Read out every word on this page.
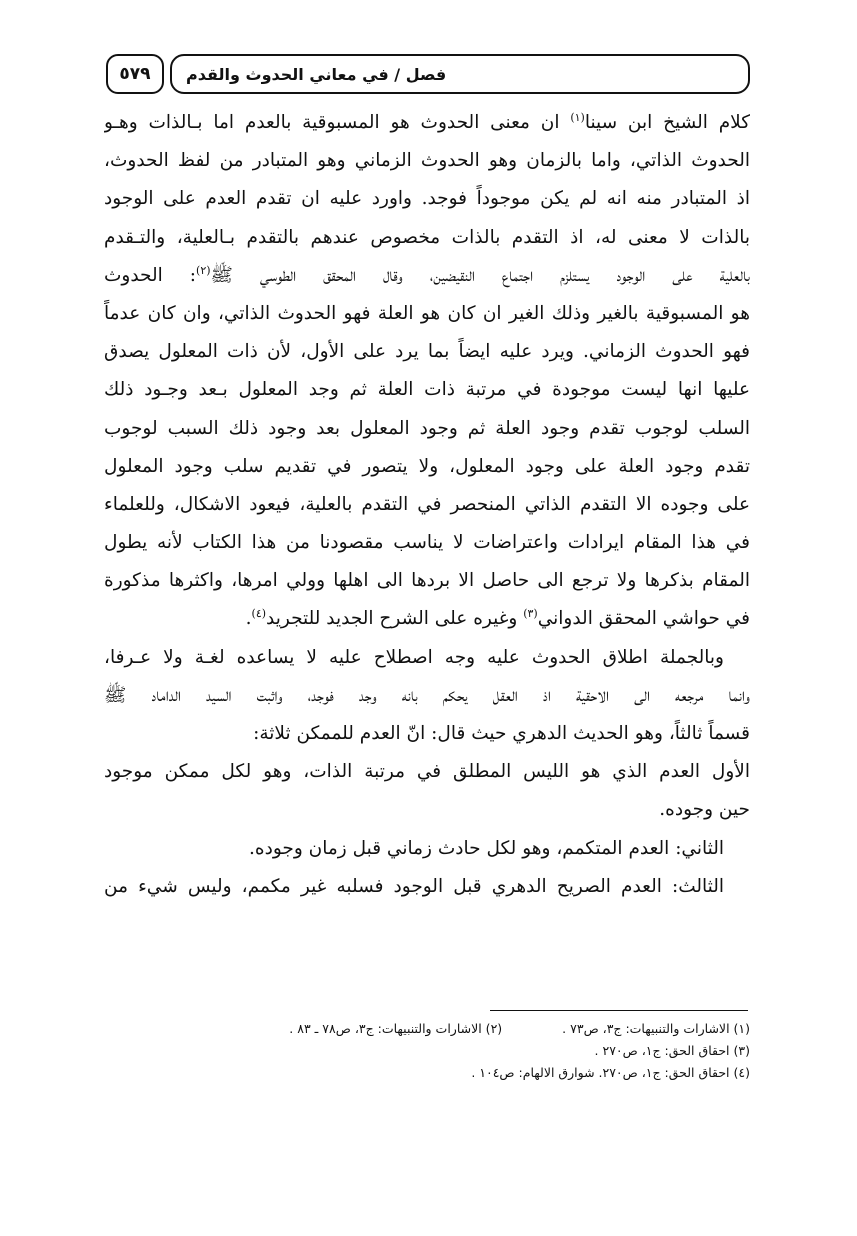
٥٧٩ فصل / في معاني الحدوث والقدم
كلام الشيخ ابن سينا$^{(١)}$ ان معنى الحدوث هو المسبوقية بالعدم اما بـالذات وهـو
الحدوث الذاتي، واما بالزمان وهو الحدوث الزماني وهو المتبادر من لفظ الحدوث،
اذ المتبادر منه انه لم يكن موجوداً فوجد. واورد عليه ان تقدم العدم على الوجود
بالذات لا معنى له، اذ التقدم بالذات مخصوص عندهم بالتقدم بـالعلية، والتـقدم
بالعلية على الوجود يستلزم اجتماع النقيضين، وقال المحقق الطوسي ﷺ$^{(٢)}$: الحدوث
هو المسبوقية بالغير وذلك الغير ان كان هو العلة فهو الحدوث الذاتي، وان كان عدماً
فهو الحدوث الزماني. ويرد عليه ايضاً بما يرد على الأول، لأن ذات المعلول يصدق
عليها انها ليست موجودة في مرتبة ذات العلة ثم وجد المعلول بـعد وجـود ذلك
السلب لوجوب تقدم وجود العلة ثم وجود المعلول بعد وجود ذلك السبب لوجوب
تقدم وجود العلة على وجود المعلول، ولا يتصور في تقديم سلب وجود المعلول
على وجوده الا التقدم الذاتي المنحصر في التقدم بالعلية، فيعود الاشكال، وللعلماء
في هذا المقام ايرادات واعتراضات لا يناسب مقصودنا من هذا الكتاب لأنه يطول
المقام بذكرها ولا ترجع الى حاصل الا بردها الى اهلها وولي امرها، واكثرها مذكورة
في حواشي المحقق الدواني$^{(٣)}$ وغيره على الشرح الجديد للتجريد$^{(٤)}$.
وبالجملة اطلاق الحدوث عليه وجه اصطلاح عليه لا يساعده لغـة ولا عـرفا،
وانما مرجعه الى الاحقية اذ العقل يحكم بانه وجد فوجد، واثبت السيد الداماد ﷺ
قسماً ثالثاً، وهو الحديث الدهري حيث قال: انّ العدم للممكن ثلاثة:
الأول العدم الذي هو الليس المطلق في مرتبة الذات، وهو لكل ممكن موجود
حين وجوده.
الثاني: العدم المتكمم، وهو لكل حادث زماني قبل زمان وجوده.
الثالث: العدم الصريح الدهري قبل الوجود فسلبه غير مكمم، وليس شيء من
(١) الاشارات والتنبيهات: ج٣، ص٧٣ .(٢) الاشارات والتنبيهات: ج٣، ص٧٨ ـ ٨٣ .
(٣) احقاق الحق: ج١، ص٢٧٠ .
(٤) احقاق الحق: ج١، ص٢٧٠. شوارق الالهام: ص١٠٤ .
